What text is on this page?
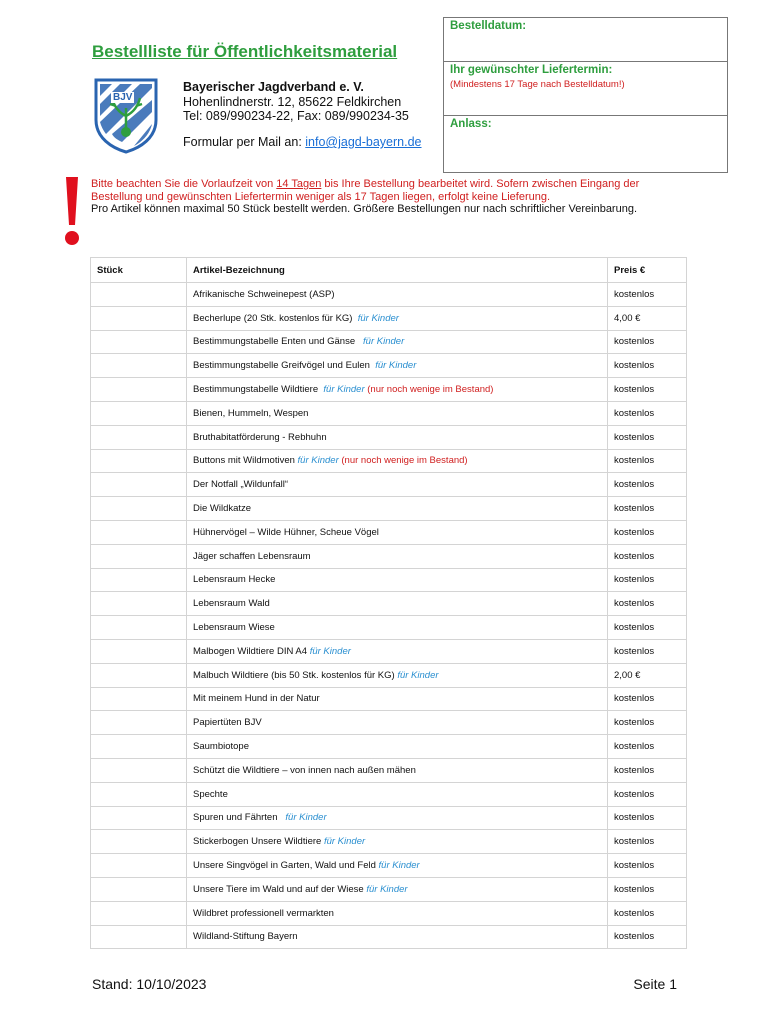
Bestellliste für Öffentlichkeitsmaterial
BJV
Bayerischer Jagdverband e. V.
Hohenlindnerstr. 12, 85622 Feldkirchen
Tel: 089/990234-22, Fax: 089/990234-35
Formular per Mail an: info@jagd-bayern.de
Bestelldatum:
Ihr gewünschter Liefertermin:
(Mindestens 17 Tage nach Bestelldatum!)
Anlass:
Bitte beachten Sie die Vorlaufzeit von 14 Tagen bis Ihre Bestellung bearbeitet wird. Sofern zwischen Eingang der
Bestellung und gewünschten Liefertermin weniger als 17 Tagen liegen, erfolgt keine Lieferung.
Pro Artikel können maximal 50 Stück bestellt werden. Größere Bestellungen nur nach schriftlicher Vereinbarung.
Stück	Artikel-Bezeichnung	Preis €
	Afrikanische Schweinepest (ASP)	kostenlos
	Becherlupe (20 Stk. kostenlos für KG)  für Kinder	4,00 €
	Bestimmungstabelle Enten und Gänse   für Kinder	kostenlos
	Bestimmungstabelle Greifvögel und Eulen  für Kinder	kostenlos
	Bestimmungstabelle Wildtiere  für Kinder (nur noch wenige im Bestand)	kostenlos
	Bienen, Hummeln, Wespen	kostenlos
	Bruthabitatförderung - Rebhuhn	kostenlos
	Buttons mit Wildmotiven für Kinder (nur noch wenige im Bestand)	kostenlos
	Der Notfall „Wildunfall“	kostenlos
	Die Wildkatze	kostenlos
	Hühnervögel – Wilde Hühner, Scheue Vögel	kostenlos
	Jäger schaffen Lebensraum	kostenlos
	Lebensraum Hecke	kostenlos
	Lebensraum Wald	kostenlos
	Lebensraum Wiese	kostenlos
	Malbogen Wildtiere DIN A4 für Kinder	kostenlos
	Malbuch Wildtiere (bis 50 Stk. kostenlos für KG) für Kinder	2,00 €
	Mit meinem Hund in der Natur	kostenlos
	Papiertüten BJV	kostenlos
	Saumbiotope	kostenlos
	Schützt die Wildtiere – von innen nach außen mähen	kostenlos
	Spechte	kostenlos
	Spuren und Fährten   für Kinder	kostenlos
	Stickerbogen Unsere Wildtiere für Kinder	kostenlos
	Unsere Singvögel in Garten, Wald und Feld für Kinder	kostenlos
	Unsere Tiere im Wald und auf der Wiese für Kinder	kostenlos
	Wildbret professionell vermarkten	kostenlos
	Wildland-Stiftung Bayern	kostenlos
Stand: 10/10/2023	Seite 1
